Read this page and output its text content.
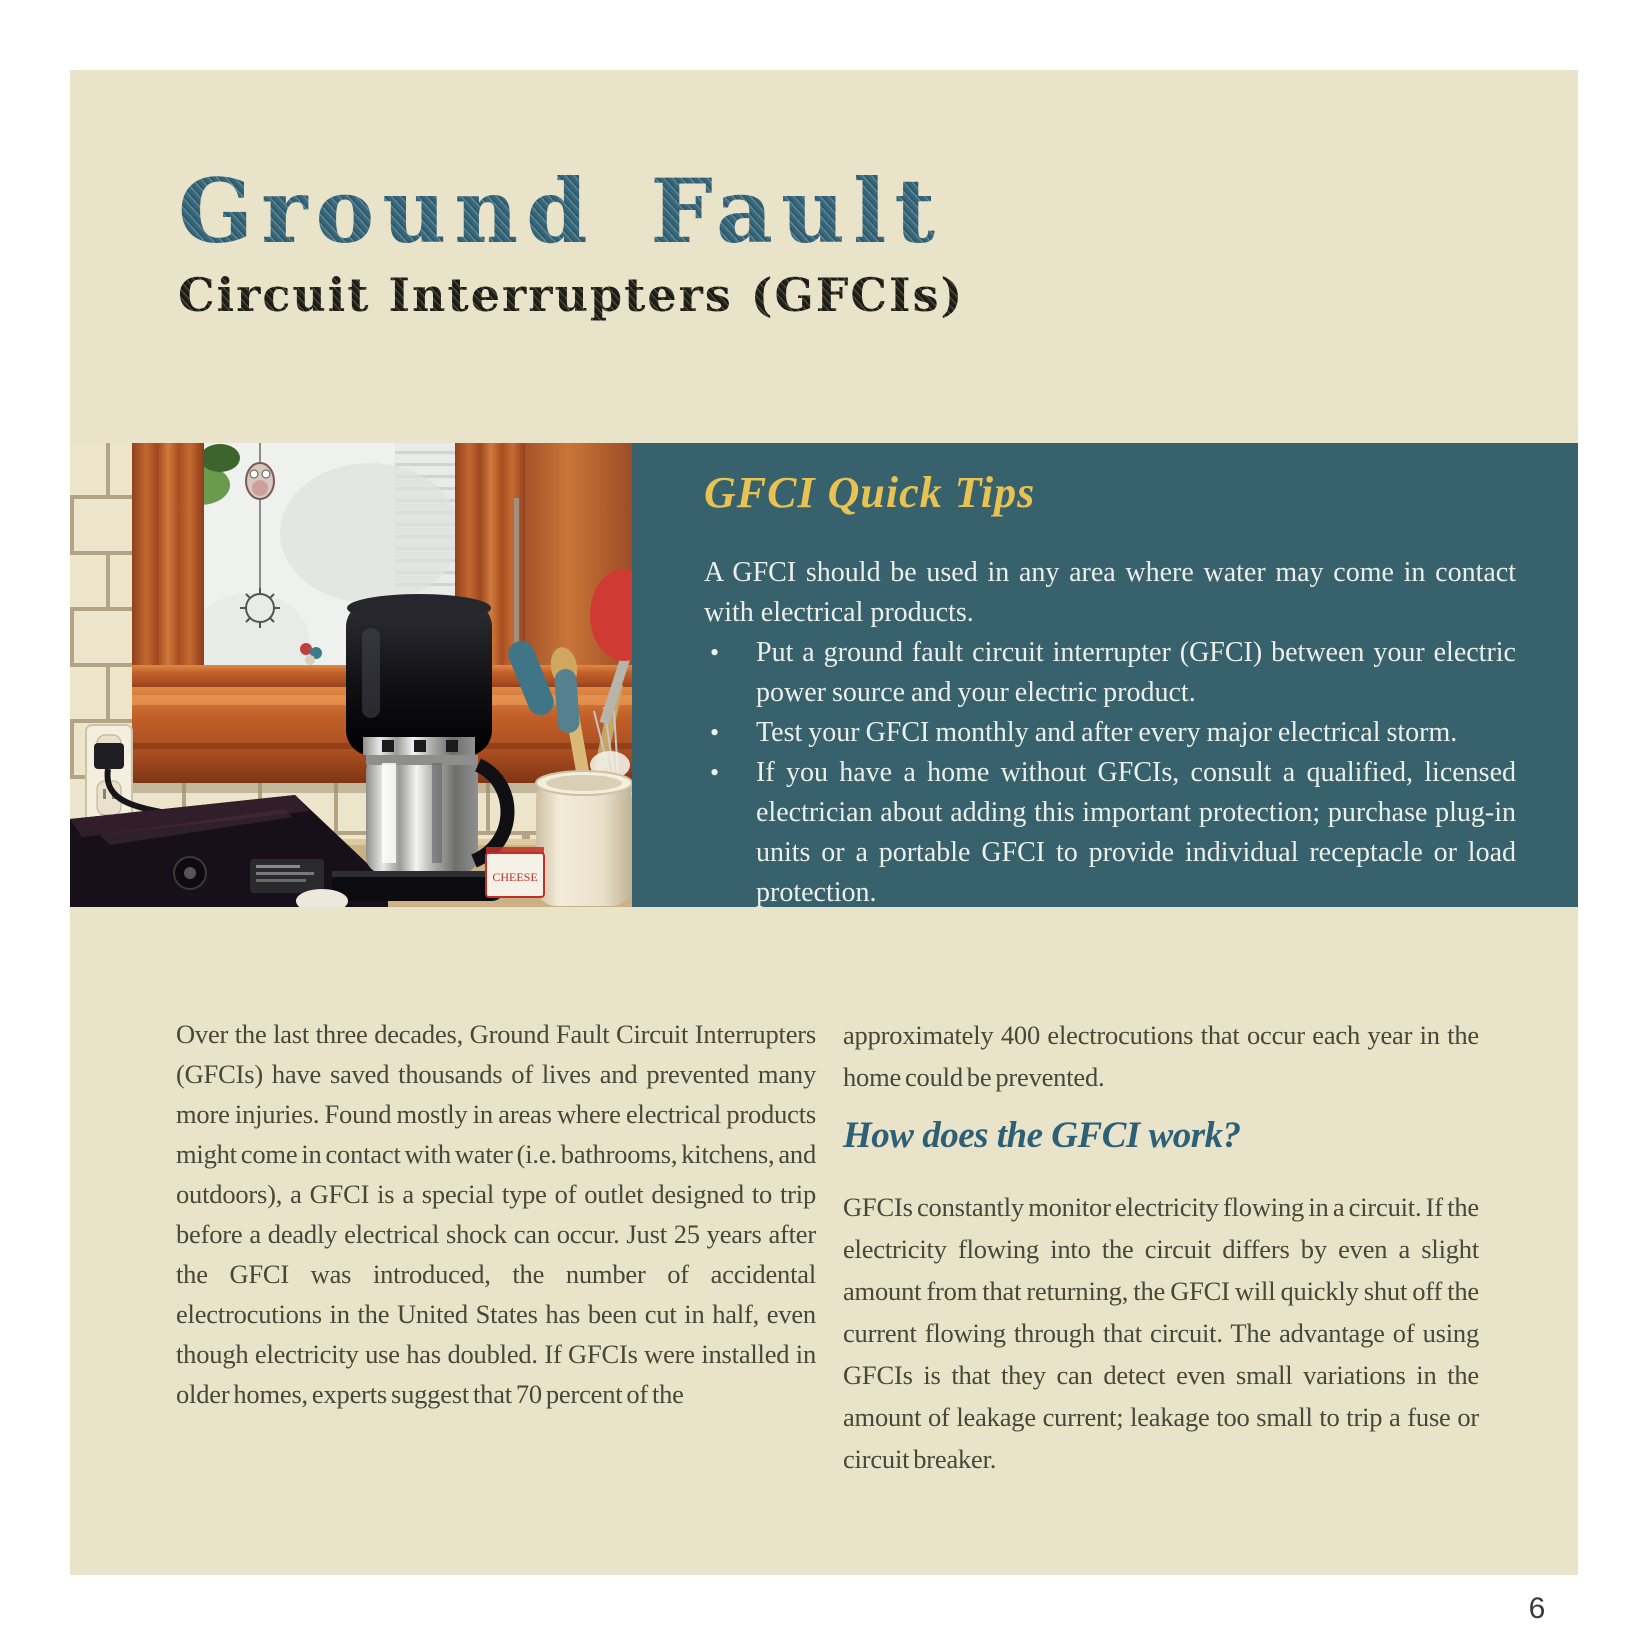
Ground Fault
Circuit Interrupters (GFCIs)
CHEESE
GFCI Quick Tips

A GFCI should be used in any area where water may come in contact with electrical products.

• Put a ground fault circuit interrupter (GFCI) between your electric power source and your electric product.
• Test your GFCI monthly and after every major electrical storm.
• If you have a home without GFCIs, consult a qualified, licensed electrician about adding this important protection; purchase plug-in units or a portable GFCI to provide individual receptacle or load protection.

Over the last three decades, Ground Fault Circuit Interrupters (GFCIs) have saved thousands of lives and prevented many more injuries. Found mostly in areas where electrical products might come in contact with water (i.e. bathrooms, kitchens, and outdoors), a GFCI is a special type of outlet designed to trip before a deadly electrical shock can occur. Just 25 years after the GFCI was introduced, the number of accidental electrocutions in the United States has been cut in half, even though electricity use has doubled. If GFCIs were installed in older homes, experts suggest that 70 percent of the

approximately 400 electrocutions that occur each year in the home could be prevented.

How does the GFCI work?

GFCIs constantly monitor electricity flowing in a circuit. If the electricity flowing into the circuit differs by even a slight amount from that returning, the GFCI will quickly shut off the current flowing through that circuit. The advantage of using GFCIs is that they can detect even small variations in the amount of leakage current; leakage too small to trip a fuse or circuit breaker.

6
